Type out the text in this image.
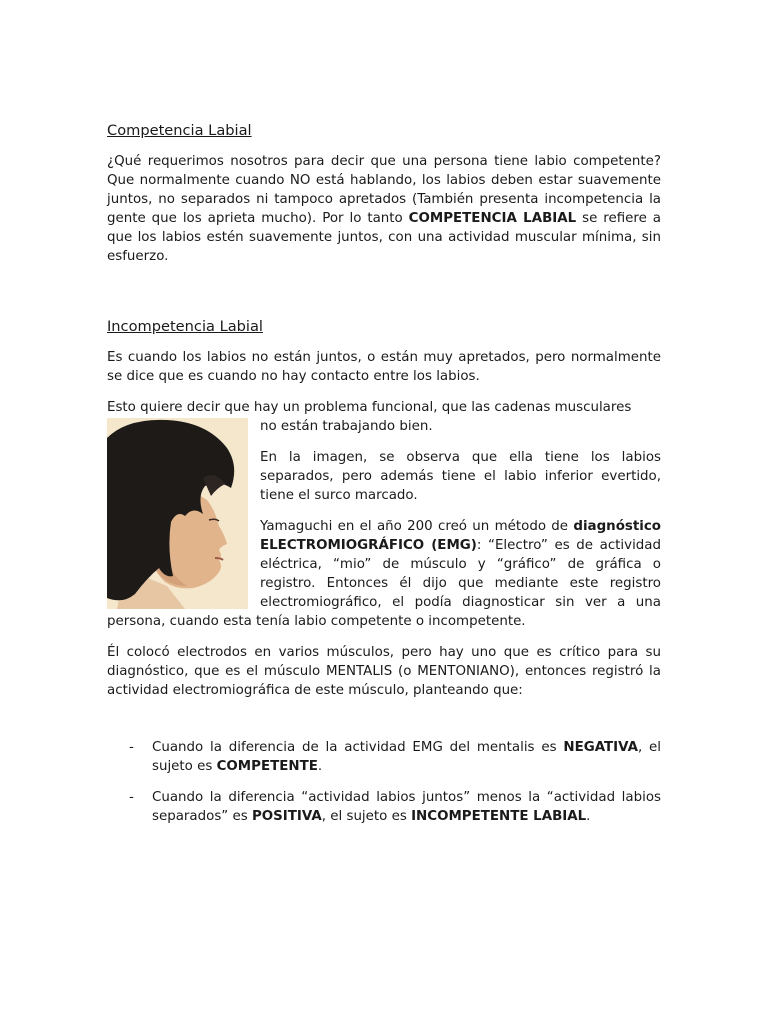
Competencia Labial

¿Qué requerimos nosotros para decir que una persona tiene labio competente? Que normalmente cuando NO está hablando, los labios deben estar suavemente juntos, no separados ni tampoco apretados (También presenta incompetencia la gente que los aprieta mucho). Por lo tanto COMPETENCIA LABIAL se refiere a que los labios estén suavemente juntos, con una actividad muscular mínima, sin esfuerzo.

Incompetencia Labial

Es cuando los labios no están juntos, o están muy apretados, pero normalmente se dice que es cuando no hay contacto entre los labios.

Esto quiere decir que hay un problema funcional, que las cadenas musculares

no están trabajando bien.

En la imagen, se observa que ella tiene los labios separados, pero además tiene el labio inferior evertido, tiene el surco marcado.

Yamaguchi en el año 200 creó un método de diagnóstico ELECTROMIOGRÁFICO (EMG): “Electro” es de actividad eléctrica, “mio” de músculo y “gráfico” de gráfica o registro. Entonces él dijo que mediante este registro electromiográfico, el podía diagnosticar sin ver a una persona, cuando esta tenía labio competente o incompetente.

Él colocó electrodos en varios músculos, pero hay uno que es crítico para su diagnóstico, que es el músculo MENTALIS (o MENTONIANO), entonces registró la actividad electromiográfica de este músculo, planteando que:

- Cuando la diferencia de la actividad EMG del mentalis es NEGATIVA, el sujeto es COMPETENTE.
- Cuando la diferencia “actividad labios juntos” menos la “actividad labios separados” es POSITIVA, el sujeto es INCOMPETENTE LABIAL.
